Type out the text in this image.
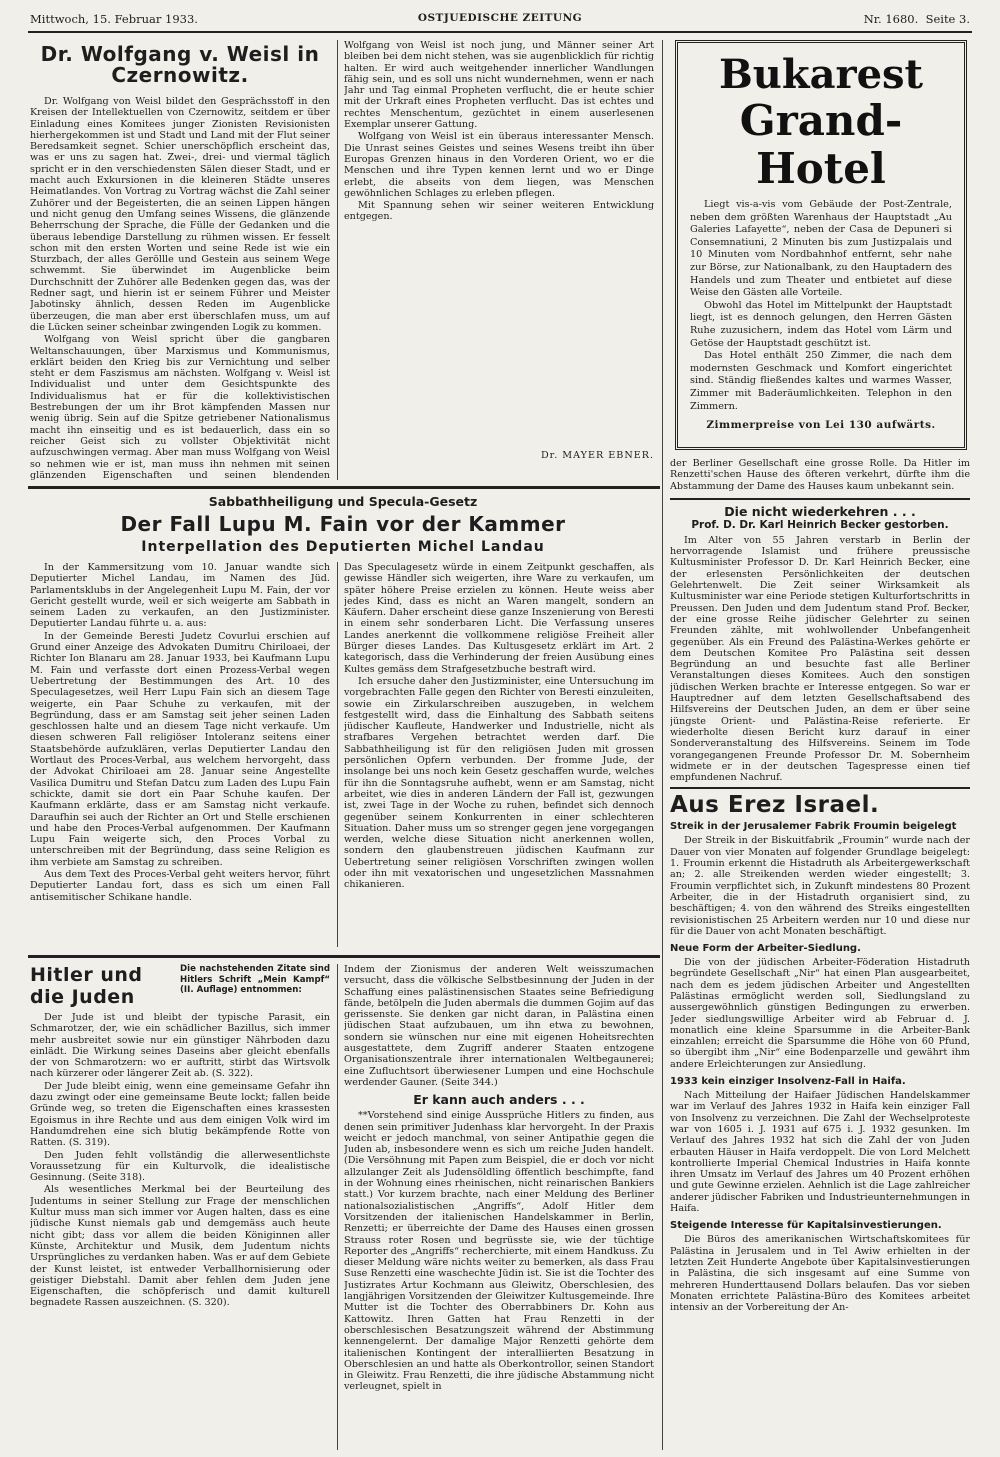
Mittwoch, 15. Februar 1933.	OSTJUEDISCHE ZEITUNG	Nr. 1680. Seite 3.
Dr. Wolfgang v. Weisl in Czernowitz.

Dr. Wolfgang von Weisl bildet den Gesprächsstoff in den Kreisen der Intellektuellen von Czernowitz, seitdem er über Einladung eines Komitees junger Zionisten Revisionisten hierhergekommen ist und Stadt und Land mit der Flut seiner Beredsamkeit segnet. Schier unerschöpflich erscheint das, was er uns zu sagen hat. Zwei-, drei- und viermal täglich spricht er in den verschiedensten Sälen dieser Stadt, und er macht auch Exkursionen in die kleineren Städte unseres Heimatlandes. Von Vortrag zu Vortrag wächst die Zahl seiner Zuhörer und der Begeisterten, die an seinen Lippen hängen und nicht genug den Umfang seines Wissens, die glänzende Beherrschung der Sprache, die Fülle der Gedanken und die überaus lebendige Darstellung zu rühmen wissen. Er fesselt schon mit den ersten Worten und seine Rede ist wie ein Sturzbach, der alles Geröllle und Gestein aus seinem Wege schwemmt. Sie überwindet im Augenblicke beim Durchschnitt der Zuhörer alle Bedenken gegen das, was der Redner sagt, und hierin ist er seinem Führer und Meister Jabotinsky ähnlich, dessen Reden im Augenblicke überzeugen, die man aber erst überschlafen muss, um auf die Lücken seiner scheinbar zwingenden Logik zu kommen.

Wolfgang von Weisl spricht über die gangbaren Weltanschauungen, über Marxismus und Kommunismus, erklärt beiden den Krieg bis zur Vernichtung und selber steht er dem Faszismus am nächsten. Wolfgang v. Weisl ist Individualist und unter dem Gesichtspunkte des Individualismus hat er für die kollektivistischen Bestrebungen der um ihr Brot kämpfenden Massen nur wenig übrig. Sein auf die Spitze getriebener Nationalismus macht ihn einseitig und es ist bedauerlich, dass ein so reicher Geist sich zu vollster Objektivität nicht aufzuschwingen vermag. Aber man muss Wolfgang von Weisl so nehmen wie er ist, man muss ihn nehmen mit seinen glänzenden Eigenschaften und seinen blendenden

Wolfgang von Weisl ist noch jung, und Männer seiner Art bleiben bei dem nicht stehen, was sie augenblicklich für richtig halten. Er wird auch weitgehender innerlicher Wandlungen fähig sein, und es soll uns nicht wundernehmen, wenn er nach Jahr und Tag einmal Propheten verflucht, die er heute schier mit der Urkraft eines Propheten verflucht. Das ist echtes und rechtes Menschentum, gezüchtet in einem auserlesenen Exemplar unserer Gattung.

Wolfgang von Weisl ist ein überaus interessanter Mensch. Die Unrast seines Geistes und seines Wesens treibt ihn über Europas Grenzen hinaus in den Vorderen Orient, wo er die Menschen und ihre Typen kennen lernt und wo er Dinge erlebt, die abseits von dem liegen, was Menschen gewöhnlichen Schlages zu erleben pflegen.

Mit Spannung sehen wir seiner weiteren Entwicklung entgegen.

Dr. MAYER EBNER.
Bukarest
Grand-Hotel

Liegt vis-a-vis vom Gebäude der Post-Zentrale, neben dem größten Warenhaus der Hauptstadt „Au Galeries Lafayette“, neben der Casa de Depuneri si Consemnatiuni, 2 Minuten bis zum Justizpalais und 10 Minuten vom Nordbahnhof entfernt, sehr nahe zur Börse, zur Nationalbank, zu den Hauptadern des Handels und zum Theater und entbietet auf diese Weise den Gästen alle Vorteile.

Obwohl das Hotel im Mittelpunkt der Hauptstadt liegt, ist es dennoch gelungen, den Herren Gästen Ruhe zuzusichern, indem das Hotel vom Lärm und Getöse der Hauptstadt geschützt ist.

Das Hotel enthält 250 Zimmer, die nach dem modernsten Geschmack und Komfort eingerichtet sind. Ständig fließendes kaltes und warmes Wasser, Zimmer mit Baderäumlichkeiten. Telephon in den Zimmern.

Zimmerpreise von Lei 130 aufwärts.

der Berliner Gesellschaft eine grosse Rolle. Da Hitler im Renzetti'schen Hause des öfteren verkehrt, dürfte ihm die Abstammung der Dame des Hauses kaum unbekannt sein.

Die nicht wiederkehren . . .
Prof. D. Dr. Karl Heinrich Becker gestorben.

Im Alter von 55 Jahren verstarb in Berlin der hervorragende Islamist und frühere preussische Kultusminister Professor D. Dr. Karl Heinrich Becker, eine der erlesensten Persönlichkeiten der deutschen Gelehrtenwelt. Die Zeit seiner Wirksamkeit als Kultusminister war eine Periode stetigen Kulturfortschritts in Preussen. Den Juden und dem Judentum stand Prof. Becker, der eine grosse Reihe jüdischer Gelehrter zu seinen Freunden zählte, mit wohlwollender Unbefangenheit gegenüber. Als ein Freund des Palästina-Werkes gehörte er dem Deutschen Komitee Pro Palästina seit dessen Begründung an und besuchte fast alle Berliner Veranstaltungen dieses Komitees. Auch den sonstigen jüdischen Werken brachte er Interesse entgegen. So war er Hauptredner auf dem letzten Gesellschaftsabend des Hilfsvereins der Deutschen Juden, an dem er über seine jüngste Orient- und Palästina-Reise referierte. Er wiederholte diesen Bericht kurz darauf in einer Sonderveranstaltung des Hilfsvereins. Seinem im Tode vorangegangenen Freunde Professor Dr. M. Sobernheim widmete er in der deutschen Tagespresse einen tief empfundenen Nachruf.

Aus Erez Israel.
Streik in der Jerusalemer Fabrik Froumin beigelegt

Der Streik in der Biskuitfabrik „Froumin“ wurde nach der Dauer von vier Monaten auf folgender Grundlage beigelegt: 1. Froumin erkennt die Histadruth als Arbeitergewerkschaft an; 2. alle Streikenden werden wieder eingestellt; 3. Froumin verpflichtet sich, in Zukunft mindestens 80 Prozent Arbeiter, die in der Histadruth organisiert sind, zu beschäftigen; 4. von den während des Streiks eingestellten revisionistischen 25 Arbeitern werden nur 10 und diese nur für die Dauer von acht Monaten beschäftigt.

Neue Form der Arbeiter-Siedlung.

Die von der jüdischen Arbeiter-Föderation Histadruth begründete Gesellschaft „Nir“ hat einen Plan ausgearbeitet, nach dem es jedem jüdischen Arbeiter und Angestellten Palästinas ermöglicht werden soll, Siedlungsland zu aussergewöhnlich günstigen Bedingungen zu erwerben. Jeder siedlungswillige Arbeiter wird ab Februar d. J. monatlich eine kleine Sparsumme in die Arbeiter-Bank einzahlen; erreicht die Sparsumme die Höhe von 60 Pfund, so übergibt ihm „Nir“ eine Bodenparzelle und gewährt ihm andere Erleichterungen zur Ansiedlung.

1933 kein einziger Insolvenz-Fall in Haifa.

Nach Mitteilung der Haifaer Jüdischen Handelskammer war im Verlauf des Jahres 1932 in Haifa kein einziger Fall von Insolvenz zu verzeichnen. Die Zahl der Wechselproteste war von 1605 i. J. 1931 auf 675 i. J. 1932 gesunken. Im Verlauf des Jahres 1932 hat sich die Zahl der von Juden erbauten Häuser in Haifa verdoppelt. Die von Lord Melchett kontrollierte Imperial Chemical Industries in Haifa konnte ihren Umsatz im Verlauf des Jahres um 40 Prozent erhöhen und gute Gewinne erzielen. Aehnlich ist die Lage zahlreicher anderer jüdischer Fabriken und Industrieunternehmungen in Haifa.

Steigende Interesse für Kapitalsinvestierungen.

Die Büros des amerikanischen Wirtschaftskomitees für Palästina in Jerusalem und in Tel Awiw erhielten in der letzten Zeit Hunderte Angebote über Kapitalsinvestierungen in Palästina, die sich insgesamt auf eine Summe von mehreren Hunderttausend Dollars belaufen. Das vor sieben Monaten errichtete Palästina-Büro des Komitees arbeitet intensiv an der Vorbereitung der An-

Sabbathheiligung und Specula-Gesetz
Der Fall Lupu M. Fain vor der Kammer
Interpellation des Deputierten Michel Landau

In der Kammersitzung vom 10. Januar wandte sich Deputierter Michel Landau, im Namen des Jüd. Parlamentsklubs in der Angelegenheit Lupu M. Fain, der vor Gericht gestellt wurde, weil er sich weigerte am Sabbath in seinem Laden zu verkaufen, an den Justizminister. Deputierter Landau führte u. a. aus:

In der Gemeinde Beresti Judetz Covurlui erschien auf Grund einer Anzeige des Advokaten Dumitru Chiriloaei, der Richter Ion Blanaru am 28. Januar 1933, bei Kaufmann Lupu M. Fain und verfasste dort einen Prozess-Verbal wegen Uebertretung der Bestimmungen des Art. 10 des Speculagesetzes, weil Herr Lupu Fain sich an diesem Tage weigerte, ein Paar Schuhe zu verkaufen, mit der Begründung, dass er am Samstag seit jeher seinen Laden geschlossen halte und an diesem Tage nicht verkaufe. Um diesen schweren Fall religiöser Intoleranz seitens einer Staatsbehörde aufzuklären, verlas Deputierter Landau den Wortlaut des Proces-Verbal, aus welchem hervorgeht, dass der Advokat Chiriloaei am 28. Januar seine Angestellte Vasilica Dumitru und Stefan Datcu zum Laden des Lupu Fain schickte, damit sie dort ein Paar Schuhe kaufen. Der Kaufmann erklärte, dass er am Samstag nicht verkaufe. Daraufhin sei auch der Richter an Ort und Stelle erschienen und habe den Proces-Verbal aufgenommen. Der Kaufmann Lupu Fain weigerte sich, den Proces Vorbal zu unterschreiben mit der Begründung, dass seine Religion es ihm verbiete am Samstag zu schreiben.

Aus dem Text des Proces-Verbal geht weiters hervor, führt Deputierter Landau fort, dass es sich um einen Fall antisemitischer Schikane handle.

Das Speculagesetz würde in einem Zeitpunkt geschaffen, als gewisse Händler sich weigerten, ihre Ware zu verkaufen, um später höhere Preise erzielen zu können. Heute weiss aber jedes Kind, dass es nicht an Waren mangelt, sondern an Käufern. Daher erscheint diese ganze Inszenierung von Beresti in einem sehr sonderbaren Licht. Die Verfassung unseres Landes anerkennt die vollkommene religiöse Freiheit aller Bürger dieses Landes. Das Kultusgesetz erklärt im Art. 2 kategorisch, dass die Verhinderung der freien Ausübung eines Kultes gemäss dem Strafgesetzbuche bestraft wird.

Ich ersuche daher den Justizminister, eine Untersuchung im vorgebrachten Falle gegen den Richter von Beresti einzuleiten, sowie ein Zirkularschreiben auszugeben, in welchem festgestellt wird, dass die Einhaltung des Sabbath seitens jüdischer Kaufleute, Handwerker und Industrielle, nicht als strafbares Vergehen betrachtet werden darf. Die Sabbathheiligung ist für den religiösen Juden mit grossen persönlichen Opfern verbunden. Der fromme Jude, der insolange bei uns noch kein Gesetz geschaffen wurde, welches für ihn die Sonntagsruhe aufhebt, wenn er am Samstag, nicht arbeitet, wie dies in anderen Ländern der Fall ist, gezwungen ist, zwei Tage in der Woche zu ruhen, befindet sich dennoch gegenüber seinem Konkurrenten in einer schlechteren Situation. Daher muss um so strenger gegen jene vorgegangen werden, welche diese Situation nicht anerkennen wollen, sondern den glaubenstreuen jüdischen Kaufmann zur Uebertretung seiner religiösen Vorschriften zwingen wollen oder ihn mit vexatorischen und ungesetzlichen Massnahmen chikanieren.

Hitler und die Juden
Die nachstehenden Zitate sind Hitlers Schrift „Mein Kampf“ (II. Auflage) entnommen:

Der Jude ist und bleibt der typische Parasit, ein Schmarotzer, der, wie ein schädlicher Bazillus, sich immer mehr ausbreitet sowie nur ein günstiger Nährboden dazu einlädt. Die Wirkung seines Daseins aber gleicht ebenfalls der von Schmarotzern: wo er auftritt, stirbt das Wirtsvolk nach kürzerer oder längerer Zeit ab. (S. 322).

Der Jude bleibt einig, wenn eine gemeinsame Gefahr ihn dazu zwingt oder eine gemeinsame Beute lockt; fallen beide Gründe weg, so treten die Eigenschaften eines krassesten Egoismus in ihre Rechte und aus dem einigen Volk wird im Handumdrehen eine sich blutig bekämpfende Rotte von Ratten. (S. 319).

Den Juden fehlt vollständig die allerwesentlichste Voraussetzung für ein Kulturvolk, die idealistische Gesinnung. (Seite 318).

Als wesentliches Merkmal bei der Beurteilung des Judentums in seiner Stellung zur Frage der menschlichen Kultur muss man sich immer vor Augen halten, dass es eine jüdische Kunst niemals gab und demgemäss auch heute nicht gibt; dass vor allem die beiden Königinnen aller Künste, Architektur und Musik, dem Judentum nichts Ursprüngliches zu verdanken haben. Was er auf dem Gebiete der Kunst leistet, ist entweder Verballhornisierung oder geistiger Diebstahl. Damit aber fehlen dem Juden jene Eigenschaften, die schöpferisch und damit kulturell begnadete Rassen auszeichnen. (S. 320).

Indem der Zionismus der anderen Welt weisszumachen versucht, dass die völkische Selbstbesinnung der Juden in der Schaffung eines palästinensischen Staates seine Befriedigung fände, betölpeln die Juden abermals die dummen Gojim auf das gerissenste. Sie denken gar nicht daran, in Palästina einen jüdischen Staat aufzubauen, um ihn etwa zu bewohnen, sondern sie wünschen nur eine mit eigenen Hoheitsrechten ausgestattete, dem Zugriff anderer Staaten entzogene Organisationszentrale ihrer internationalen Weltbegaunerei; eine Zufluchtsort überwiesener Lumpen und eine Hochschule werdender Gauner. (Seite 344.)

Er kann auch anders . . .

**Vorstehend sind einige Aussprüche Hitlers zu finden, aus denen sein primitiver Judenhass klar hervorgeht. In der Praxis weicht er jedoch manchmal, von seiner Antipathie gegen die Juden ab, insbesondere wenn es sich um reiche Juden handelt. (Die Versöhnung mit Papen zum Beispiel, die er doch vor nicht allzulanger Zeit als Judensöldling öffentlich beschimpfte, fand in der Wohnung eines rheinischen, nicht reinarischen Bankiers statt.) Vor kurzem brachte, nach einer Meldung des Berliner nationalsozialistischen „Angriffs“, Adolf Hitler dem Vorsitzenden der italienischen Handelskammer in Berlin, Renzetti; er überreichte der Dame des Hauses einen grossen Strauss roter Rosen und begrüsste sie, wie der tüchtige Reporter des „Angriffs“ recherchierte, mit einem Handkuss. Zu dieser Meldung wäre nichts weiter zu bemerken, als dass Frau Suse Renzetti eine waschechte Jüdin ist. Sie ist die Tochter des Justizrates Artur Kochmann aus Gleiwitz, Oberschlesien, des langjährigen Vorsitzenden der Gleiwitzer Kultusgemeinde. Ihre Mutter ist die Tochter des Oberrabbiners Dr. Kohn aus Kattowitz. Ihren Gatten hat Frau Renzetti in der oberschlesischen Besatzungszeit während der Abstimmung kennengelernt. Der damalige Major Renzetti gehörte dem italienischen Kontingent der interalliierten Besatzung in Oberschlesien an und hatte als Oberkontrollor, seinen Standort in Gleiwitz. Frau Renzetti, die ihre jüdische Abstammung nicht verleugnet, spielt in
